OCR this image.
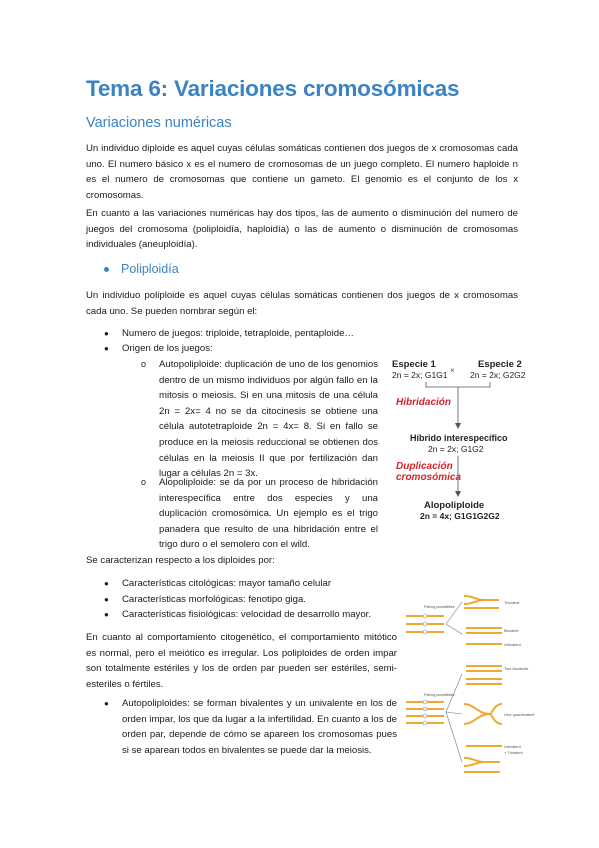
Tema 6: Variaciones cromosómicas
Variaciones numéricas

Un individuo diploide es aquel cuyas células somáticas contienen dos juegos de x cromosomas cada uno. El numero básico x es el numero de cromosomas de un juego completo. El numero haploide n es el numero de cromosomas que contiene un gameto. El genomio es el conjunto de los x cromosomas.

En cuanto a las variaciones numéricas hay dos tipos, las de aumento o disminución del numero de juegos del cromosoma (poliploidía, haploidía) o las de aumento o disminución de cromosomas individuales (aneuploidía).

Poliploidía

Un individuo poliploide es aquel cuyas células somáticas contienen dos juegos de x cromosomas cada uno. Se pueden nombrar según el:

● Numero de juegos: triploide, tetraploide, pentaploide…
● Origen de los juegos:
o Autopoliploide: duplicación de uno de los genomios dentro de un mismo individuos por algún fallo en la mitosis o meiosis. Si en una mitosis de una célula 2n = 2x= 4 no se da citocinesis se obtiene una célula autotetraploide 2n = 4x= 8. Si en fallo se produce en la meiosis reduccional se obtienen dos células en la meiosis II que por fertilización dan lugar a células 2n = 3x.
o Alopoliploide: se da por un proceso de hibridación interespecífica entre dos especies y una duplicación cromosómica. Un ejemplo es el trigo panadera que resulto de una hibridación entre el trigo duro o el semolero con el wild.

Se caracterizan respecto a los diploides por:

● Características citológicas: mayor tamaño celular
● Características morfológicas: fenotipo giga.
● Características fisiológicas: velocidad de desarrollo mayor.

En cuanto al comportamiento citogenético, el comportamiento mitótico es normal, pero el meiótico es irregular. Los poliploides de orden impar son totalmente estériles y los de orden par pueden ser estériles, semi-esteriles o fértiles.

● Autopoliploides: se forman bivalentes y un univalente en los de orden impar, los que da lugar a la infertilidad. En cuanto a los de orden par, depende de cómo se apareen los cromosomas pues si se aparean todos en bivalentes se puede dar la meiosis.
Especie 1
2n = 2x; G1G1 ×
Especie 2
2n = 2x; G2G2
Hibridación
Híbrido interespecífico
2n = 2x; G1G2
Duplicación
cromosómica
Alopoliploide
2n = 4x; G1G1G2G2
Pairing possibilities
Pairing possibilities
Trivalent
Bivalent
Univalent
Two bivalents
One quadrivalent
Univalent
+ Trivalent
